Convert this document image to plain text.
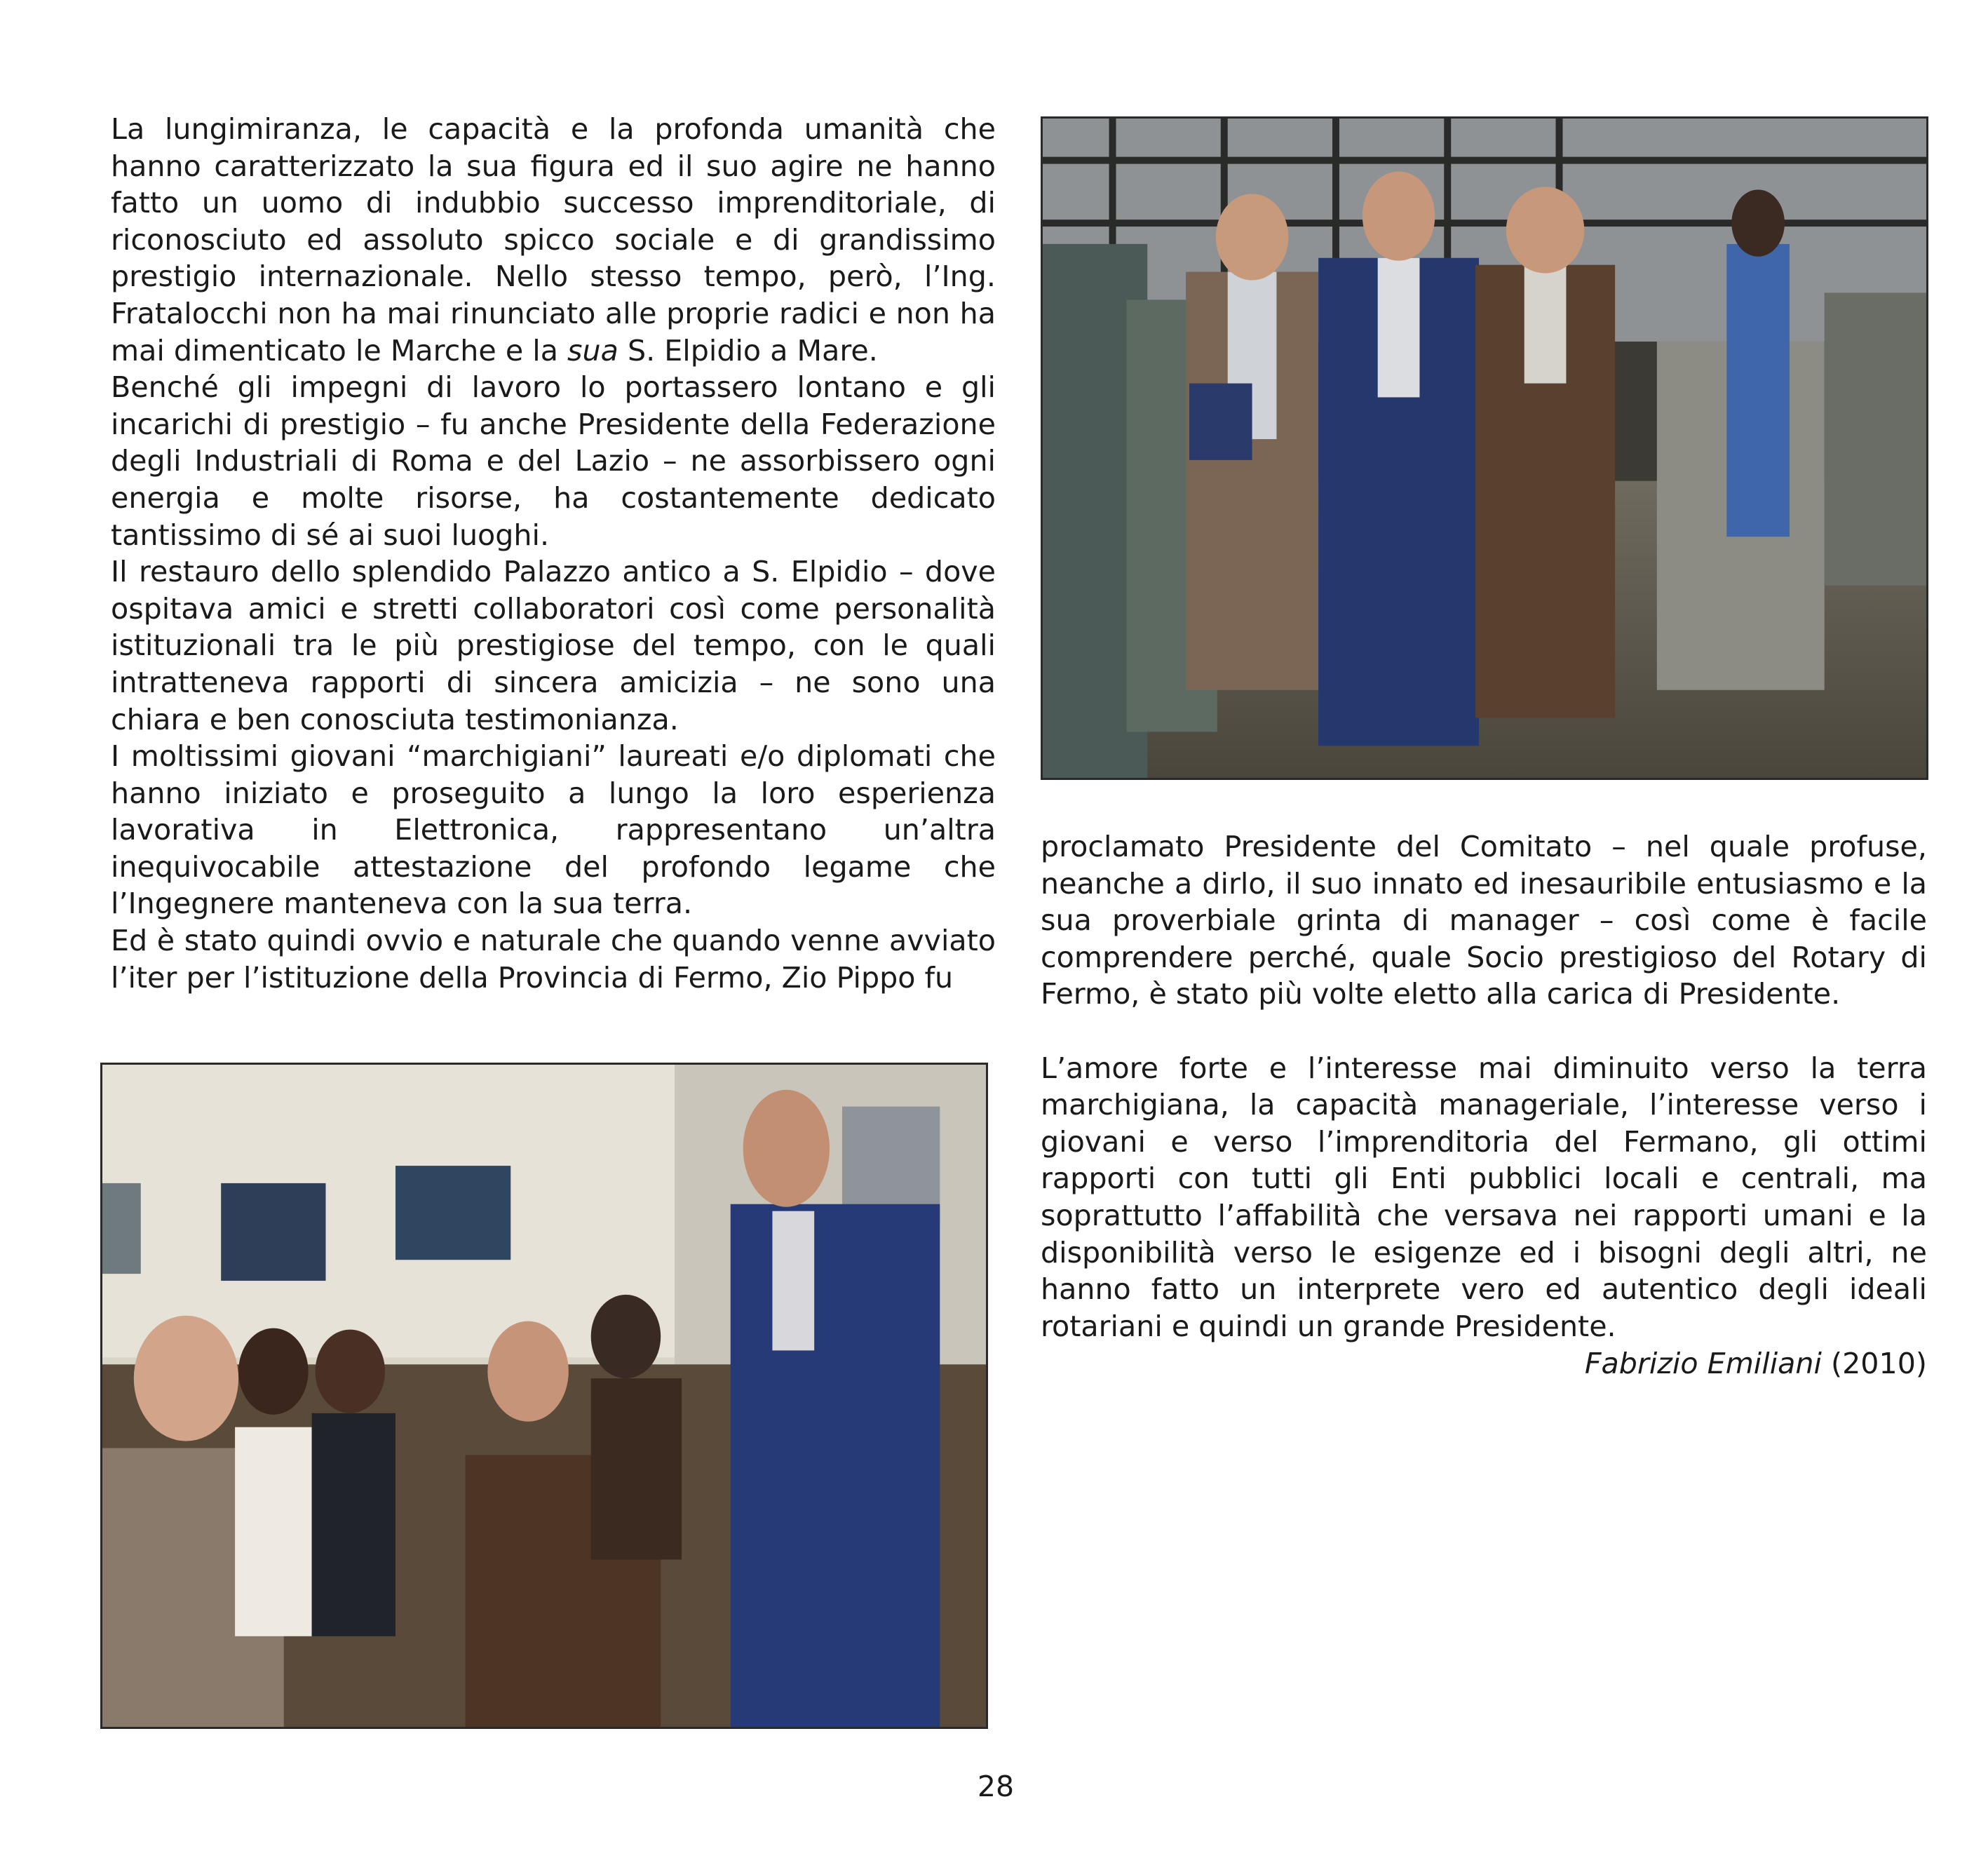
La lungimiranza, le capacità e la profonda umanità che hanno caratterizzato la sua figura ed il suo agire ne hanno fatto un uomo di indubbio successo imprenditoriale, di riconosciuto ed assoluto spicco sociale e di grandissimo prestigio internazionale. Nello stesso tempo, però, l’Ing. Fratalocchi non ha mai rinunciato alle proprie radici e non ha mai dimenticato le Marche e la sua S. Elpidio a Mare.

Benché gli impegni di lavoro lo portassero lontano e gli incarichi di prestigio – fu anche Presidente della Federazione degli Industriali di Roma e del Lazio – ne assorbissero ogni energia e molte risorse, ha costantemente dedicato tantissimo di sé ai suoi luoghi.

Il restauro dello splendido Palazzo antico a S. Elpidio – dove ospitava amici e stretti collaboratori così come personalità istituzionali tra le più prestigiose del tempo, con le quali intratteneva rapporti di sincera amicizia – ne sono una chiara e ben conosciuta testimonianza.

I moltissimi giovani “marchigiani” laureati e/o diplomati che hanno iniziato e proseguito a lungo la loro esperienza lavorativa in Elettronica, rappresentano un’altra inequivocabile attestazione del profondo legame che l’Ingegnere manteneva con la sua terra.

Ed è stato quindi ovvio e naturale che quando venne avviato l’iter per l’istituzione della Provincia di Fermo, Zio Pippo fu

proclamato Presidente del Comitato – nel quale profuse, neanche a dirlo, il suo innato ed inesauribile entusiasmo e la sua proverbiale grinta di manager – così come è facile comprendere perché, quale Socio prestigioso del Rotary di Fermo, è stato più volte eletto alla carica di Presidente.

L’amore forte e l’interesse mai diminuito verso la terra marchigiana, la capacità manageriale, l’interesse verso i giovani e verso l’imprenditoria del Fermano, gli ottimi rapporti con tutti gli Enti pubblici locali e centrali, ma soprattutto l’affabilità che versava nei rapporti umani e la disponibilità verso le esigenze ed i bisogni degli altri, ne hanno fatto un interprete vero ed autentico degli ideali rotariani e quindi un grande Presidente.

Fabrizio Emiliani (2010)
28
